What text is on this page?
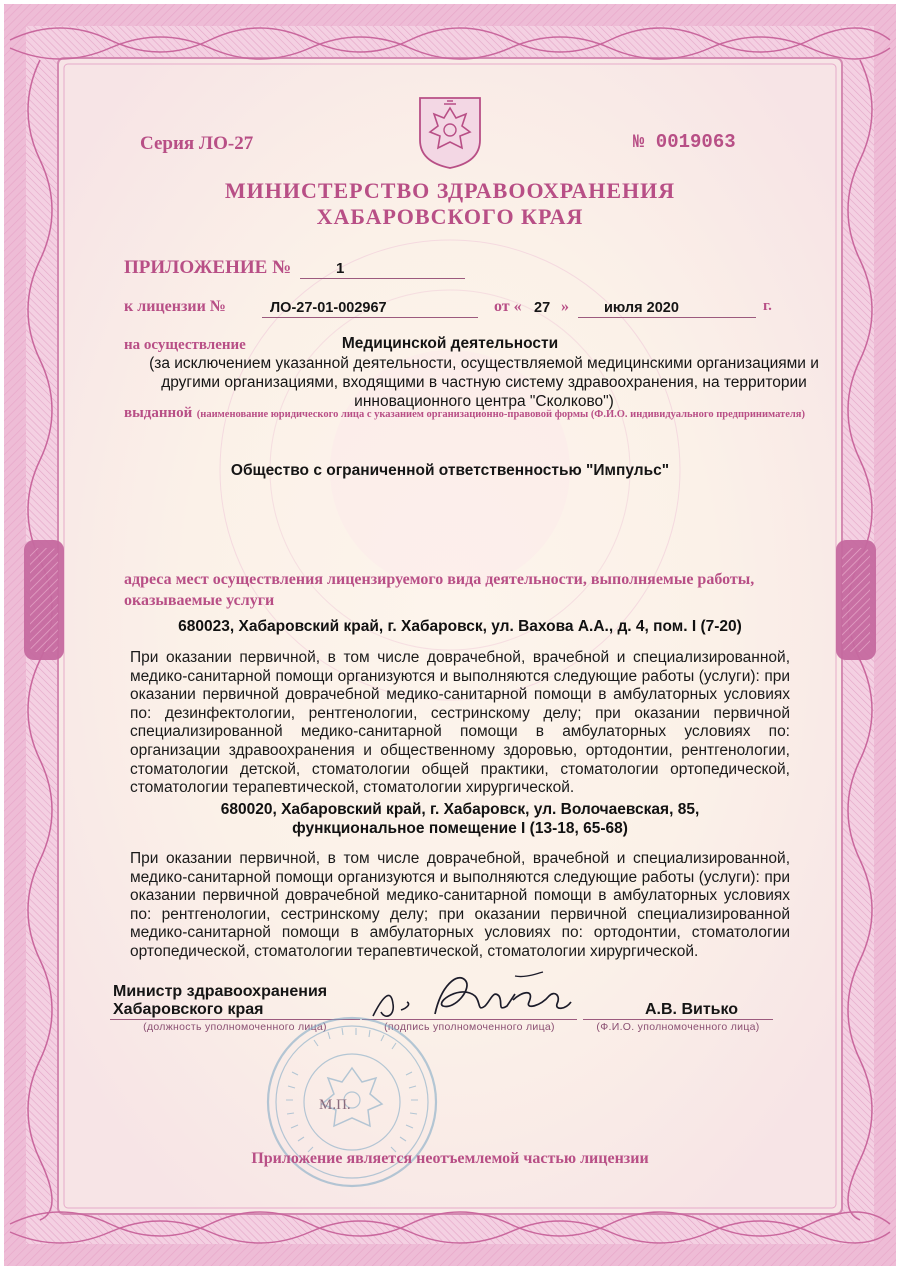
Серия ЛО-27	№ 0019063
МИНИСТЕРСТВО ЗДРАВООХРАНЕНИЯ
ХАБАРОВСКОГО КРАЯ
ПРИЛОЖЕНИЕ №	1
к лицензии №	ЛО-27-01-002967	от « 27 » июля 2020	г.
на осуществление	Медицинской деятельности
(за исключением указанной деятельности, осуществляемой медицинскими организациями и другими организациями, входящими в частную систему здравоохранения, на территории инновационного центра "Сколково")
выданной (наименование юридического лица с указанием организационно-правовой формы (Ф.И.О. индивидуального предпринимателя)
Общество с ограниченной ответственностью "Импульс"
адреса мест осуществления лицензируемого вида деятельности, выполняемые работы, оказываемые услуги
680023, Хабаровский край, г. Хабаровск, ул. Вахова А.А., д. 4, пом. I (7-20)
При оказании первичной, в том числе доврачебной, врачебной и специализированной, медико-санитарной помощи организуются и выполняются следующие работы (услуги): при оказании первичной доврачебной медико-санитарной помощи в амбулаторных условиях по: дезинфектологии, рентгенологии, сестринскому делу; при оказании первичной специализированной медико-санитарной помощи в амбулаторных условиях по: организации здравоохранения и общественному здоровью, ортодонтии, рентгенологии, стоматологии детской, стоматологии общей практики, стоматологии ортопедической, стоматологии терапевтической, стоматологии хирургической.
680020, Хабаровский край, г. Хабаровск, ул. Волочаевская, 85, функциональное помещение I (13-18, 65-68)
При оказании первичной, в том числе доврачебной, врачебной и специализированной, медико-санитарной помощи организуются и выполняются следующие работы (услуги): при оказании первичной доврачебной медико-санитарной помощи в амбулаторных условиях по: рентгенологии, сестринскому делу; при оказании первичной специализированной медико-санитарной помощи в амбулаторных условиях по: ортодонтии, стоматологии ортопедической, стоматологии терапевтической, стоматологии хирургической.
Министр здравоохранения
Хабаровского края
(должность уполномоченного лица)	(подпись уполномоченного лица)
А.В. Витько
(Ф.И.О. уполномоченного лица)
М.П.
Приложение является неотъемлемой частью лицензии
